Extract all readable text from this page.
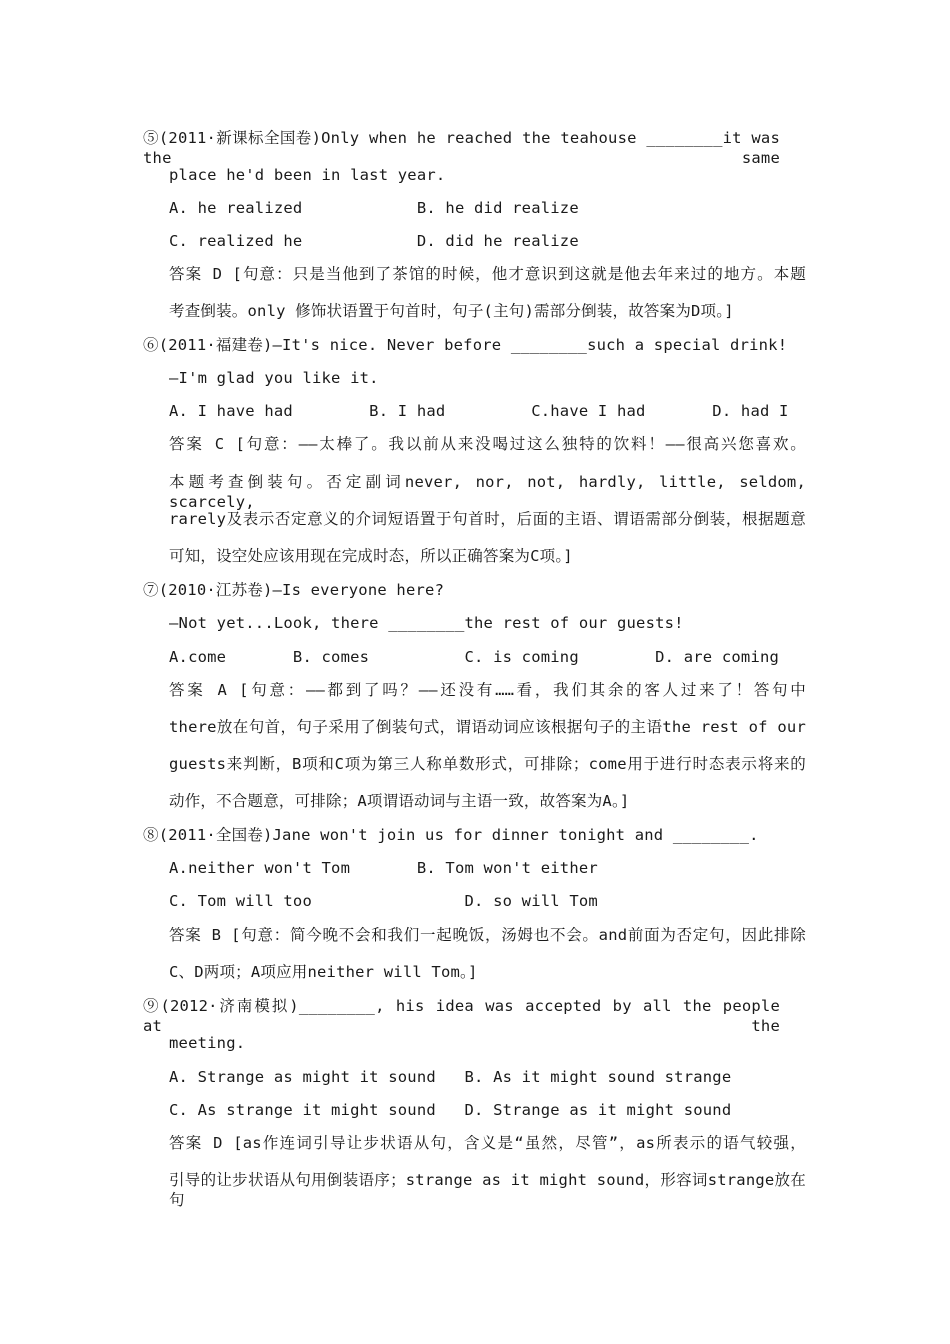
⑤(2011·新课标全国卷)Only when he reached the teahouse ________it was the same
place he'd been in last year.
A. he realized            B. he did realize
C. realized he            D. did he realize
答案 D [句意：只是当他到了茶馆的时候，他才意识到这就是他去年来过的地方。本题
考查倒装。only 修饰状语置于句首时，句子(主句)需部分倒装，故答案为D项。]
⑥(2011·福建卷)—It's nice. Never before ________such a special drink!
—I'm glad you like it.
A. I have had        B. I had         C.have I had       D. had I
答案 C [句意：——太棒了。我以前从来没喝过这么独特的饮料！——很高兴您喜欢。
本题考查倒装句。否定副词never, nor, not, hardly, little, seldom, scarcely,
rarely及表示否定意义的介词短语置于句首时，后面的主语、谓语需部分倒装，根据题意
可知，设空处应该用现在完成时态，所以正确答案为C项。]
⑦(2010·江苏卷)—Is everyone here?
—Not yet...Look, there ________the rest of our guests!
A.come       B. comes          C. is coming        D. are coming
答案 A [句意：——都到了吗？——还没有……看，我们其余的客人过来了！答句中
there放在句首，句子采用了倒装句式，谓语动词应该根据句子的主语the rest of our
guests来判断，B项和C项为第三人称单数形式，可排除；come用于进行时态表示将来的
动作，不合题意，可排除；A项谓语动词与主语一致，故答案为A。]
⑧(2011·全国卷)Jane won't join us for dinner tonight and ________.
A.neither won't Tom       B. Tom won't either
C. Tom will too                D. so will Tom
答案 B [句意：简今晚不会和我们一起晚饭，汤姆也不会。and前面为否定句，因此排除
C、D两项；A项应用neither will Tom。]
⑨(2012·济南模拟)________, his idea was accepted by all the people at the
meeting.
A. Strange as might it sound   B. As it might sound strange
C. As strange it might sound   D. Strange as it might sound
答案 D [as作连词引导让步状语从句，含义是“虽然，尽管”，as所表示的语气较强，
引导的让步状语从句用倒装语序；strange as it might sound，形容词strange放在句
